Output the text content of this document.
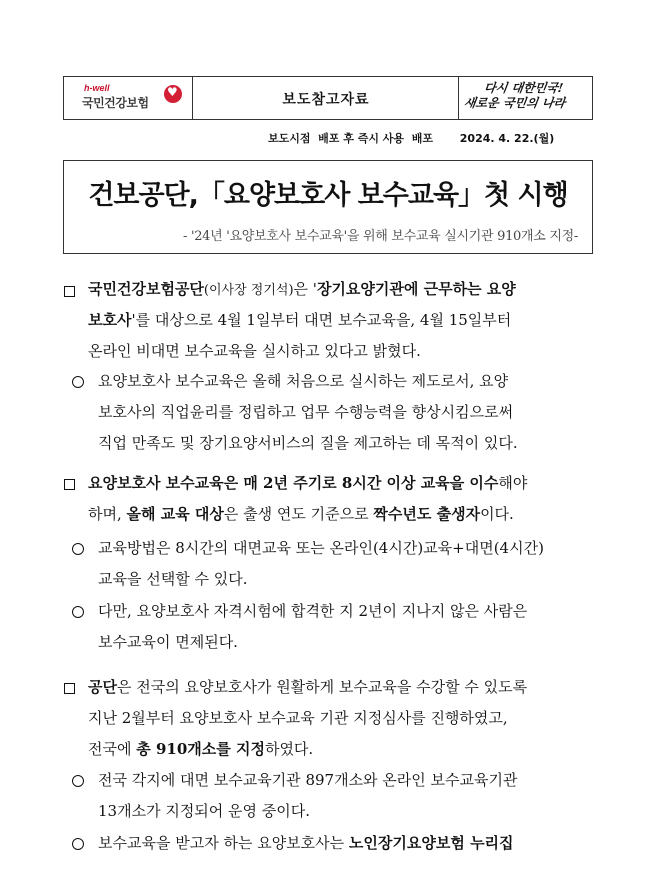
h-well
국민건강보험
♥	보도참고자료
다시 대한민국!
새로운 국민의 나라
보도시점  배포 후 즉시 사용  배포 2024. 4. 22.(월)
건보공단,「요양보호사 보수교육」첫 시행
- '24년 '요양보호사 보수교육'을 위해 보수교육 실시기관 910개소 지정-
국민건강보험공단(이사장 정기석)은 '장기요양기관에 근무하는 요양
보호사'를 대상으로 4월 1일부터 대면 보수교육을, 4월 15일부터
온라인 비대면 보수교육을 실시하고 있다고 밝혔다.
요양보호사 보수교육은 올해 처음으로 실시하는 제도로서, 요양
보호사의 직업윤리를 정립하고 업무 수행능력을 향상시킴으로써
직업 만족도 및 장기요양서비스의 질을 제고하는 데 목적이 있다.
요양보호사 보수교육은 매 2년 주기로 8시간 이상 교육을 이수해야
하며, 올해 교육 대상은 출생 연도 기준으로 짝수년도 출생자이다.
교육방법은 8시간의 대면교육 또는 온라인(4시간)교육+대면(4시간)
교육을 선택할 수 있다.
다만, 요양보호사 자격시험에 합격한 지 2년이 지나지 않은 사람은
보수교육이 면제된다.
공단은 전국의 요양보호사가 원활하게 보수교육을 수강할 수 있도록
지난 2월부터 요양보호사 보수교육 기관 지정심사를 진행하였고,
전국에 총 910개소를 지정하였다.
전국 각지에 대면 보수교육기관 897개소와 온라인 보수교육기관
13개소가 지정되어 운영 중이다.
보수교육을 받고자 하는 요양보호사는 노인장기요양보험 누리집
